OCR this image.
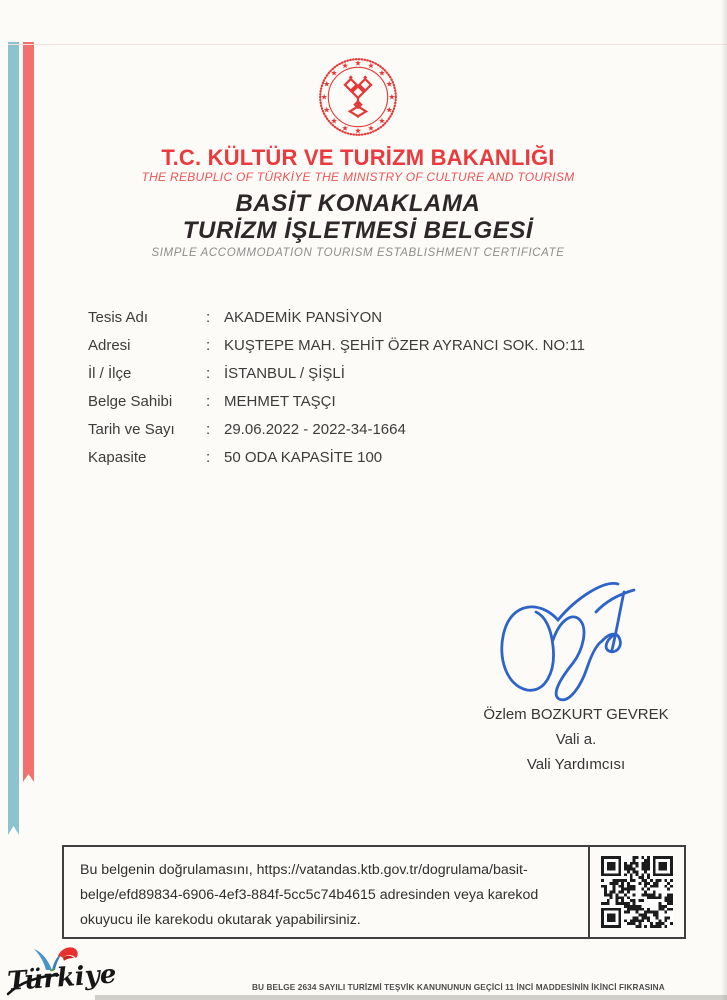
T.C. KÜLTÜR VE TURİZM BAKANLIĞI
THE REBUPLIC OF TÜRKİYE THE MINISTRY OF CULTURE AND TOURISM
BASİT KONAKLAMA
TURİZM İŞLETMESİ BELGESİ
SIMPLE ACCOMMODATION TOURISM ESTABLISHMENT CERTIFICATE
Tesis Adı	: AKADEMİK PANSİYON
Adresi	: KUŞTEPE MAH. ŞEHİT ÖZER AYRANCI SOK. NO:11
İl / İlçe	: İSTANBUL / ŞİŞLİ
Belge Sahibi	: MEHMET TAŞÇI
Tarih ve Sayı	: 29.06.2022 - 2022-34-1664
Kapasite	: 50 ODA KAPASİTE 100
Özlem BOZKURT GEVREK
Vali a.
Vali Yardımcısı
Bu belgenin doğrulamasını, https://vatandas.ktb.gov.tr/dogrulama/basit-
belge/efd89834-6906-4ef3-884f-5cc5c74b4615 adresinden veya karekod
okuyucu ile karekodu okutarak yapabilirsiniz.
Türkiye	BU BELGE 2634 SAYILI TURİZMİ TEŞVİK KANUNUNUN GEÇİCİ 11 İNCİ MADDESİNİN İKİNCİ FIKRASINA
